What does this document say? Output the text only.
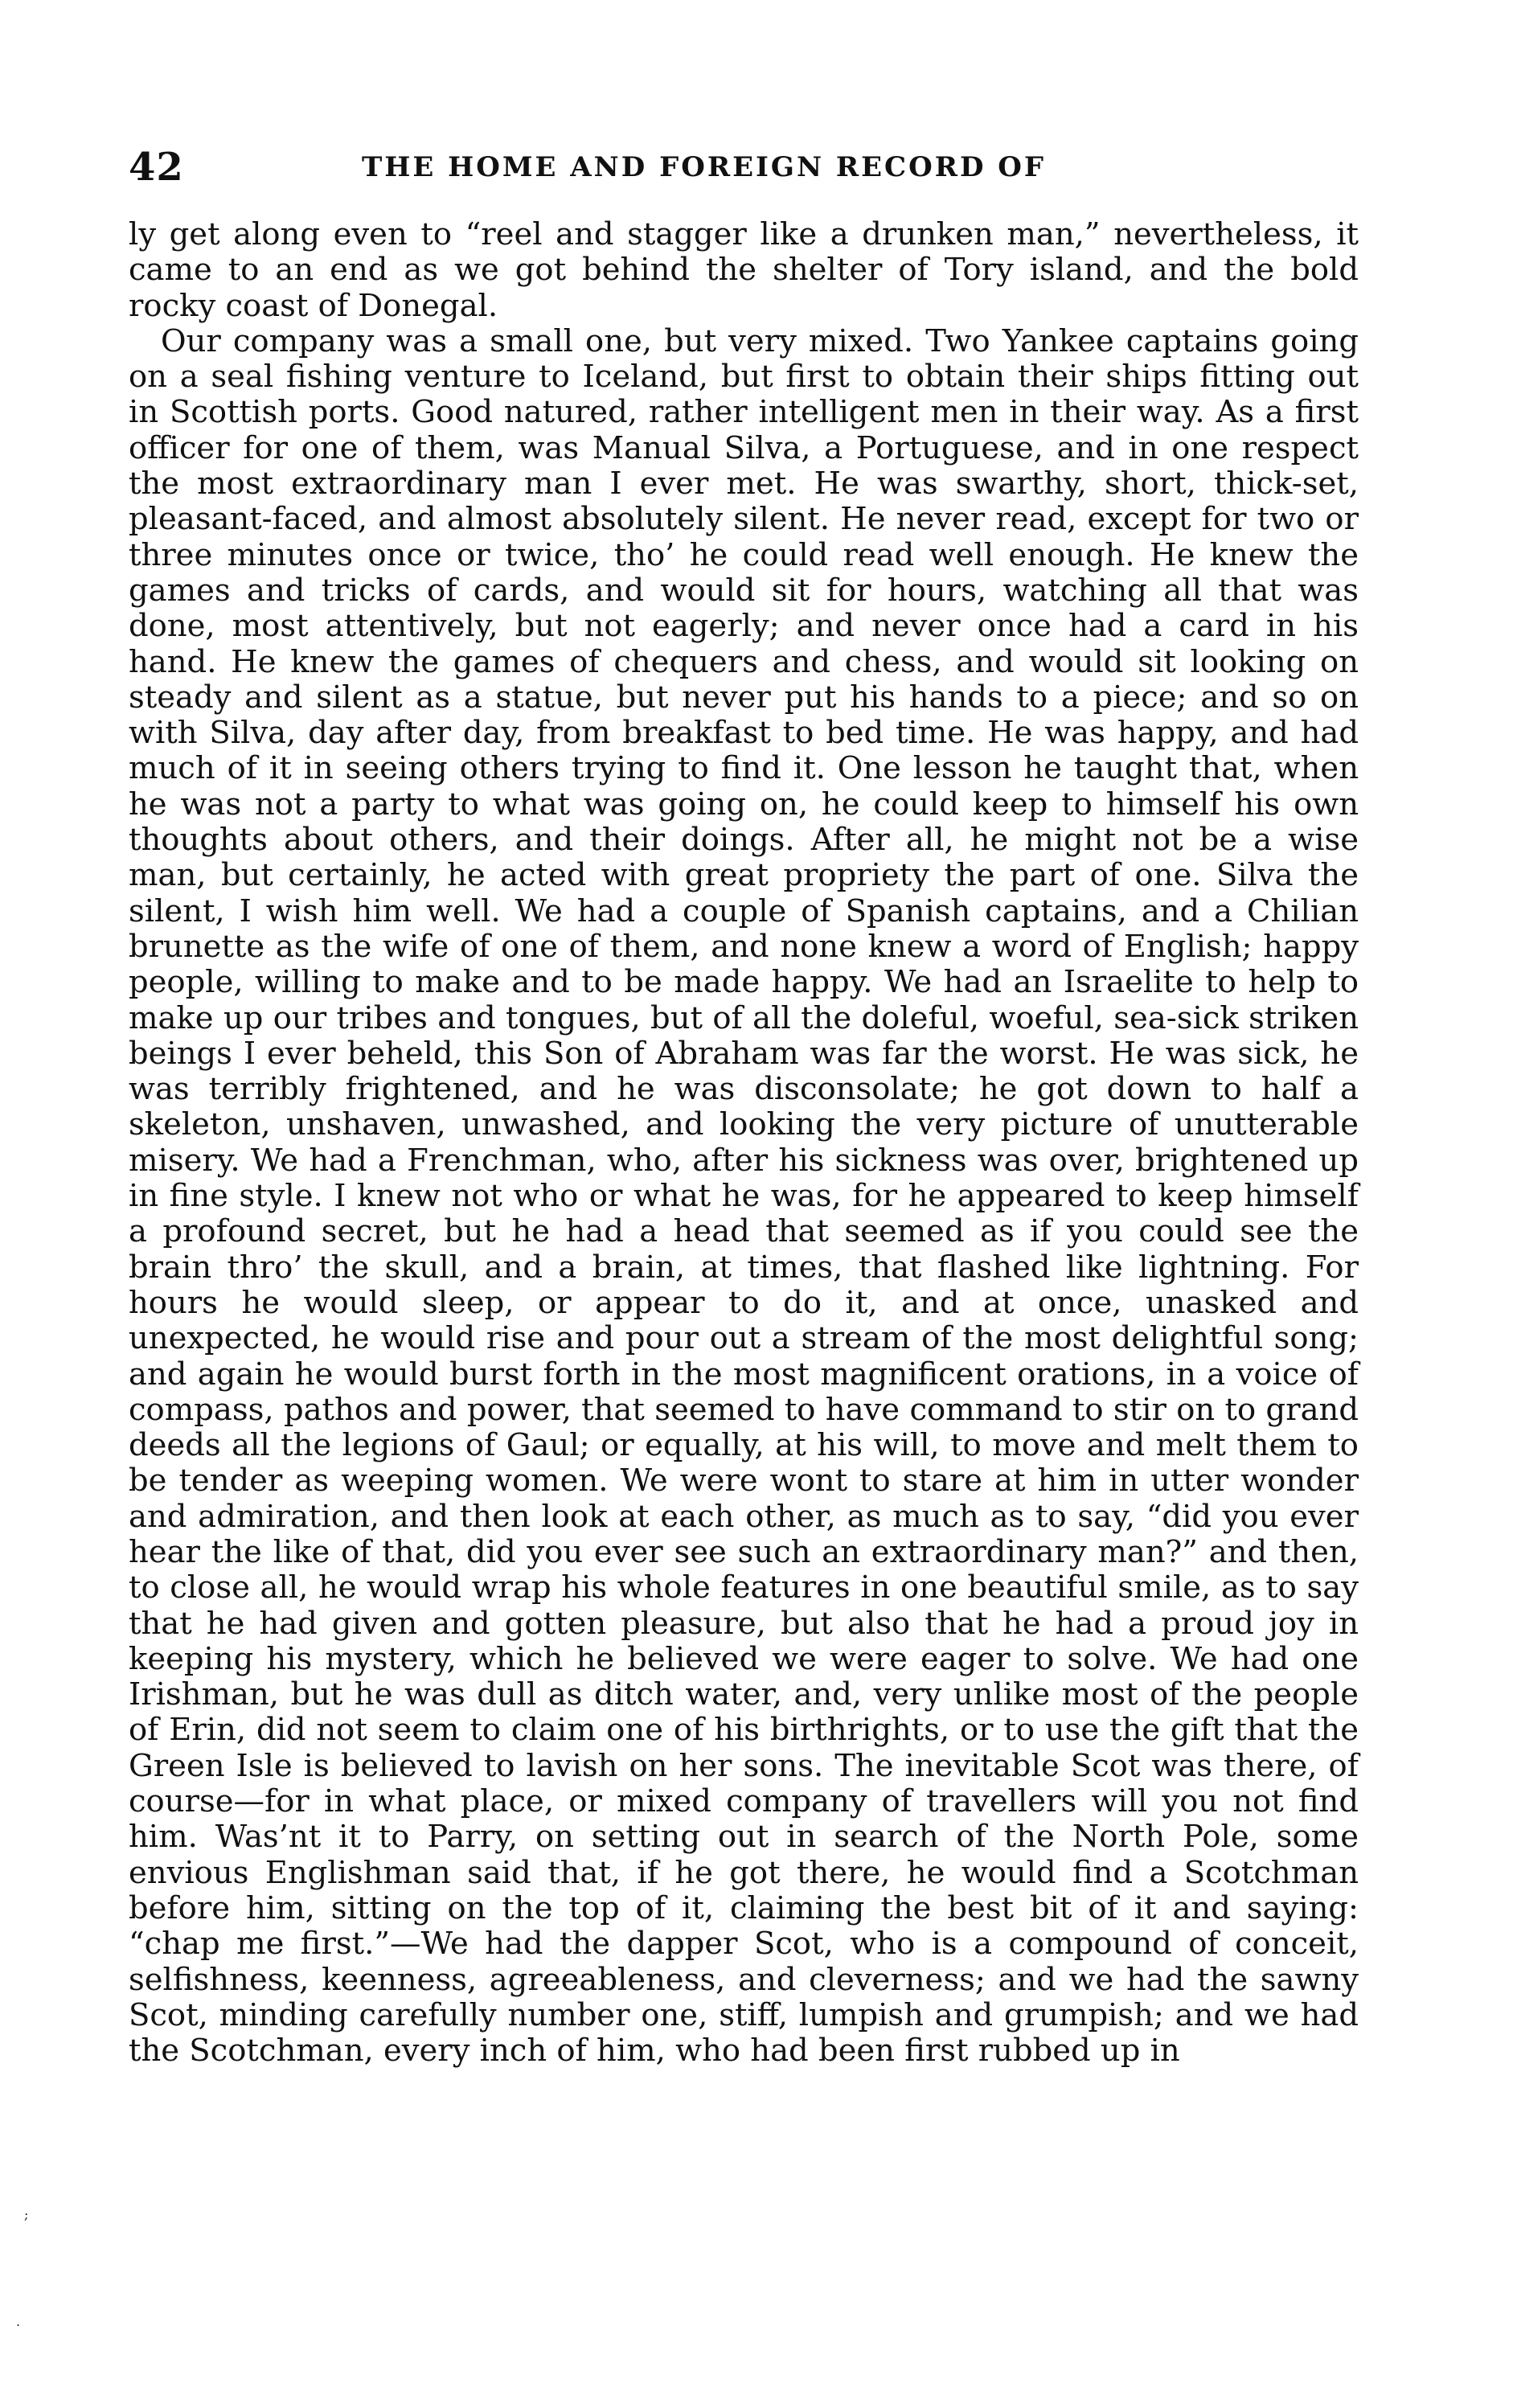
42	THE HOME AND FOREIGN RECORD OF

ly get along even to “reel and stagger like a drunken man,” nevertheless, it came to an end as we got behind the shelter of Tory island, and the bold rocky coast of Donegal.

Our company was a small one, but very mixed. Two Yankee captains going on a seal fishing venture to Iceland, but first to obtain their ships fitting out in Scottish ports. Good natured, rather intelligent men in their way. As a first officer for one of them, was Manual Silva, a Portuguese, and in one respect the most extraordinary man I ever met. He was swarthy, short, thick-set, pleasant-faced, and almost absolutely silent. He never read, except for two or three minutes once or twice, tho’ he could read well enough. He knew the games and tricks of cards, and would sit for hours, watching all that was done, most attentively, but not eagerly; and never once had a card in his hand. He knew the games of chequers and chess, and would sit looking on steady and silent as a statue, but never put his hands to a piece; and so on with Silva, day after day, from breakfast to bed time. He was happy, and had much of it in seeing others trying to find it. One lesson he taught that, when he was not a party to what was going on, he could keep to himself his own thoughts about others, and their doings. After all, he might not be a wise man, but certainly, he acted with great propriety the part of one. Silva the silent, I wish him well. We had a couple of Spanish captains, and a Chilian brunette as the wife of one of them, and none knew a word of English; happy people, willing to make and to be made happy. We had an Israelite to help to make up our tribes and tongues, but of all the doleful, woeful, sea-sick striken beings I ever beheld, this Son of Abraham was far the worst. He was sick, he was terribly frightened, and he was disconsolate; he got down to half a skeleton, unshaven, unwashed, and looking the very picture of unutterable misery. We had a Frenchman, who, after his sickness was over, brightened up in fine style. I knew not who or what he was, for he appeared to keep himself a profound secret, but he had a head that seemed as if you could see the brain thro’ the skull, and a brain, at times, that flashed like lightning. For hours he would sleep, or appear to do it, and at once, unasked and unexpected, he would rise and pour out a stream of the most delightful song; and again he would burst forth in the most magnificent orations, in a voice of compass, pathos and power, that seemed to have command to stir on to grand deeds all the legions of Gaul; or equally, at his will, to move and melt them to be tender as weeping women. We were wont to stare at him in utter wonder and admiration, and then look at each other, as much as to say, “did you ever hear the like of that, did you ever see such an extraordinary man?” and then, to close all, he would wrap his whole features in one beautiful smile, as to say that he had given and gotten pleasure, but also that he had a proud joy in keeping his mystery, which he believed we were eager to solve. We had one Irishman, but he was dull as ditch water, and, very unlike most of the people of Erin, did not seem to claim one of his birthrights, or to use the gift that the Green Isle is believed to lavish on her sons. The inevitable Scot was there, of course—for in what place, or mixed company of travellers will you not find him. Was’nt it to Parry, on setting out in search of the North Pole, some envious Englishman said that, if he got there, he would find a Scotchman before him, sitting on the top of it, claiming the best bit of it and saying: “chap me first.”—We had the dapper Scot, who is a compound of conceit, selfishness, keenness, agreeableness, and cleverness; and we had the sawny Scot, minding carefully number one, stiff, lumpish and grumpish; and we had the Scotchman, every inch of him, who had been first rubbed up in

;
.
